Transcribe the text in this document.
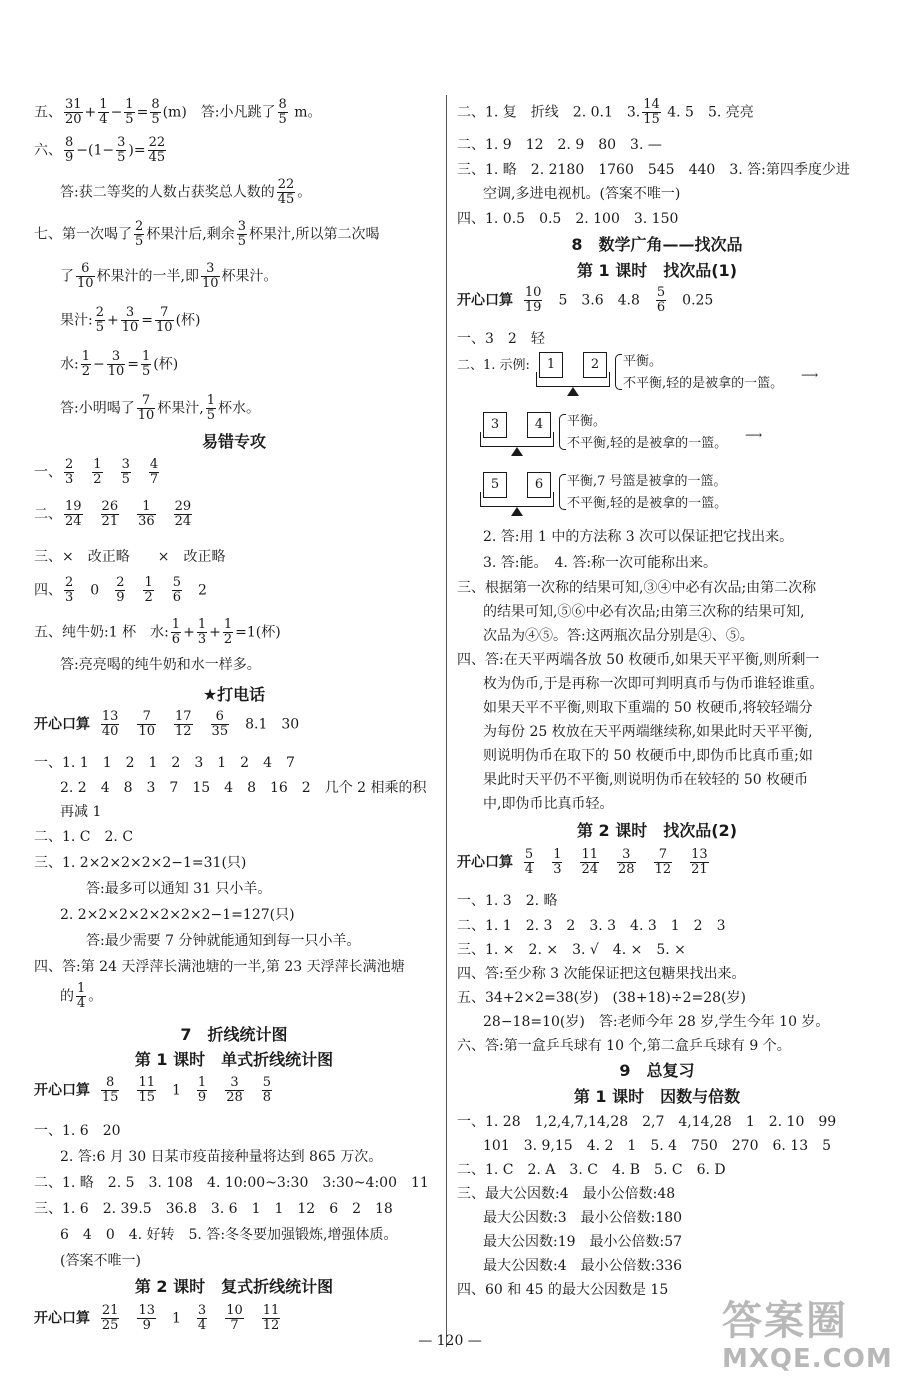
五、 $\frac{31}{20} + \frac{1}{4} - \frac{1}{5} = \frac{8}{5} (m)$　答:小凡跳了 $\frac{8}{5}$ m。
六、 $\frac{8}{9} -(1- \frac{3}{5}$ )= $\frac{22}{45}$
答:获二等奖的人数占获奖总人数的 $\frac{22}{45}$ 。
七、第一次喝了 $\frac{2}{5}$ 杯果汁后,剩余 $\frac{3}{5}$ 杯果汁,所以第二次喝
了 $\frac{6}{10}$ 杯果汁的一半,即 $\frac{3}{10}$ 杯果汁。
果汁: $\frac{2}{5} + \frac{3}{10} = \frac{7}{10}$ (杯)
水: $\frac{1}{2} - \frac{3}{10} = \frac{1}{5}$ (杯)
答:小明喝了 $\frac{7}{10}$ 杯果汁, $\frac{1}{5}$ 杯水。
易错专攻
一、 $\frac{2}{3} \frac{1}{2} \frac{3}{5} \frac{4}{7}$
二、 $\frac{19}{24} \frac{26}{21} \frac{1}{36} \frac{29}{24}$
三、×　改正略　　×　改正略
四、 $\frac{2}{3} 0 \frac{2}{9} \frac{1}{2} \frac{5}{6} 2$
五、纯牛奶:1 杯　水: $\frac{1}{6} + \frac{1}{3} + \frac{1}{2} =1$(杯)
答:亮亮喝的纯牛奶和水一样多。
★打电话
开心口算 $\frac{13}{40} \frac{7}{10} \frac{17}{12} \frac{6}{35} 8.1$　30
一、1. 1　1　2　1　2　3　1　2　4　7
2. 2　4　8　3　7　15　4　8　16　2　几个 2 相乘的积
再减 1
二、1. C　2. C
三、1. 2×2×2×2×2−1=31(只)
答:最多可以通知 31 只小羊。
2. 2×2×2×2×2×2×2−1=127(只)
答:最少需要 7 分钟就能通知到每一只小羊。
四、答:第 24 天浮萍长满池塘的一半,第 23 天浮萍长满池塘
的 $\frac{1}{4}$ 。
7　折线统计图
第 1 课时　单式折线统计图
开心口算 $\frac{8}{15} \frac{11}{15} 1 \frac{1}{9} \frac{3}{28} \frac{5}{8}$
一、1. 6　20
2. 答:6 月 30 日某市疫苗接种量将达到 865 万次。
二、1. 略　2. 5　3. 108　4. 10:00~3:30　3:30~4:00　11
三、1. 6　2. 39.5　36.8　3. 6　1　1　12　6　2　18
6　4　0　4. 好转　5. 答:冬冬要加强锻炼,增强体质。
(答案不唯一)
第 2 课时　复式折线统计图
开心口算 $\frac{21}{25} \frac{13}{9} 1 \frac{3}{4} \frac{10}{7} \frac{11}{12}$
二、1. 复　折线　2. 0.1　3. $\frac{14}{15} 4$. 5　5. 亮亮
二、1. 9　12　2. 9　80　3. —
三、1. 略　2. 2180　1760　545　440　3. 答:第四季度少进
空调,多进电视机。(答案不唯一)
四、1. 0.5　0.5　2. 100　3. 150
8　数学广角——找次品
第 1 课时　找次品(1)
开心口算 $\frac{10}{19} 5$　3.6　$4.8 \frac{5}{6} 0.25$
一、3　2　轻
二、1. 示例:	1	2	平衡。
不平衡,轻的是被拿的一篮。
⟶
3	4	平衡。
不平衡,轻的是被拿的一篮。
⟶
5	6	平衡,7 号篮是被拿的一篮。
不平衡,轻的是被拿的一篮。
2. 答:用 1 中的方法称 3 次可以保证把它找出来。
3. 答:能。　4. 答:称一次可能称出来。
三、根据第一次称的结果可知,③④中必有次品;由第二次称
的结果可知,⑤⑥中必有次品;由第三次称的结果可知,
次品为④⑤。答:这两瓶次品分别是④、⑤。
四、答:在天平两端各放 50 枚硬币,如果天平平衡,则所剩一
枚为伪币,于是再称一次即可判明真币与伪币谁轻谁重。
如果天平不平衡,则取下重端的 50 枚硬币,将较轻端分
为每份 25 枚放在天平两端继续称,如果此时天平平衡,
则说明伪币在取下的 50 枚硬币中,即伪币比真币重;如
果此时天平仍不平衡,则说明伪币在较轻的 50 枚硬币
中,即伪币比真币轻。
第 2 课时　找次品(2)
开心口算 $\frac{5}{4} \frac{1}{3} \frac{11}{24} \frac{3}{28} \frac{7}{12} \frac{13}{21}$
一、1. 3　2. 略
二、1. 1　2. 3　2　3. 3　4. 3　1　2　3
三、1. ×　2. ×　3. √　4. ×　5. ×
四、答:至少称 3 次能保证把这包糖果找出来。
五、34+2×2=38(岁)　(38+18)÷2=28(岁)
28−18=10(岁)　答:老师今年 28 岁,学生今年 10 岁。
六、答:第一盒乒乓球有 10 个,第二盒乒乓球有 9 个。
9　总复习
第 1 课时　因数与倍数
一、1. 28　1,2,4,7,14,28　2,7　4,14,28　1　2. 10　99
101　3. 9,15　4. 2　1　5. 4　750　270　6. 13　5
二、1. C　2. A　3. C　4. B　5. C　6. D
三、最大公因数:4　最小公倍数:48
最大公因数:3　最小公倍数:180
最大公因数:19　最小公倍数:57
最大公因数:4　最小公倍数:336
四、60 和 45 的最大公因数是 15
— 120 —	答案圈
MXQE.COM
